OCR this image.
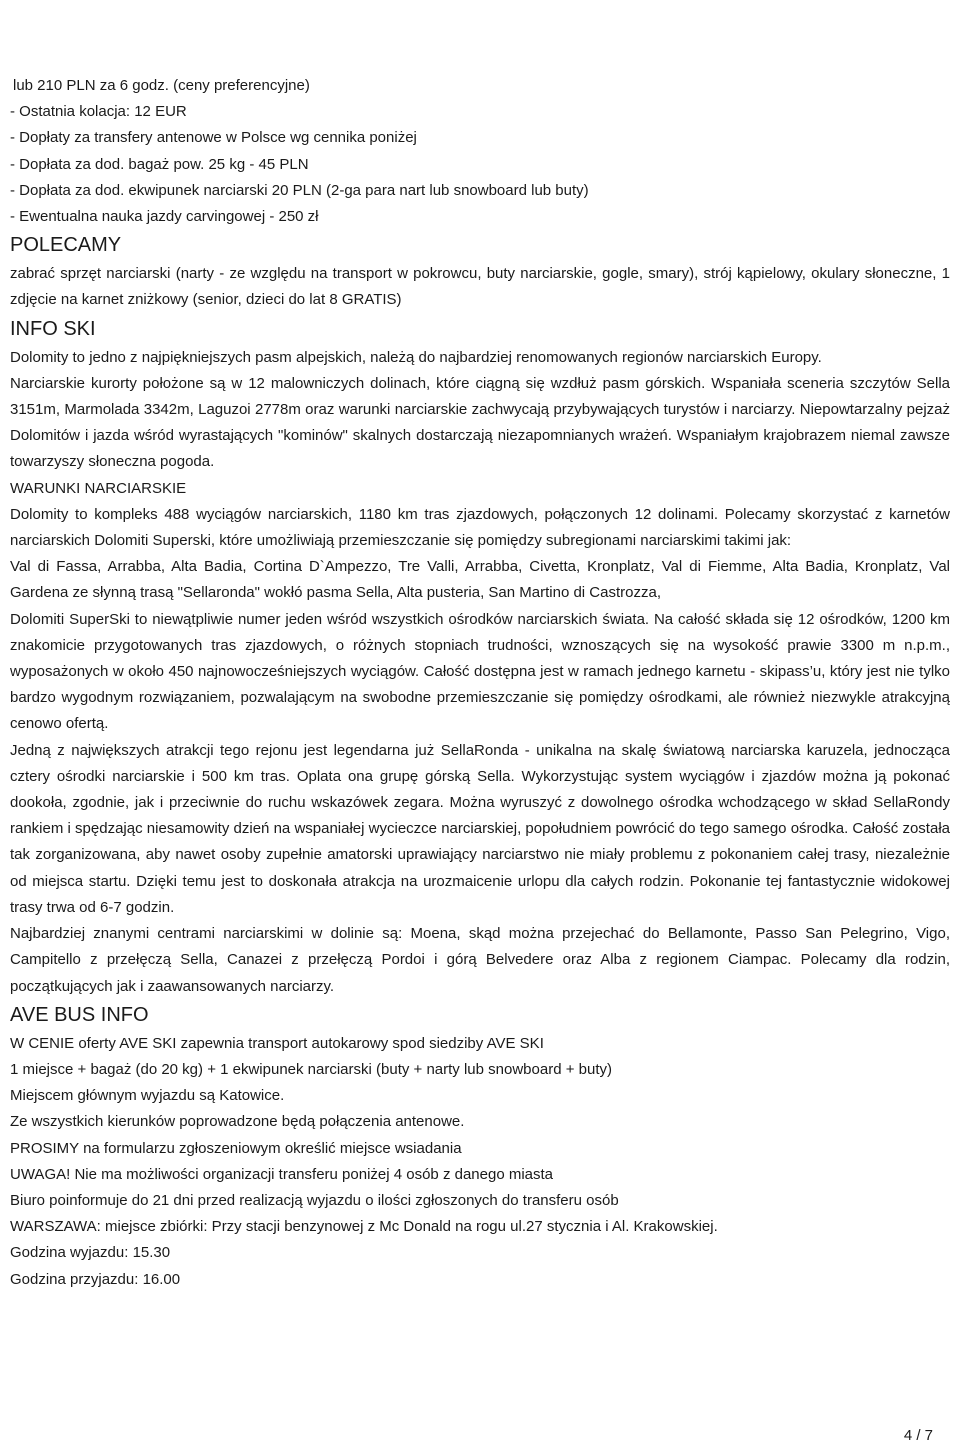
lub 210 PLN za 6 godz. (ceny preferencyjne)

- Ostatnia kolacja: 12 EUR

- Dopłaty za transfery antenowe w Polsce wg cennika poniżej

- Dopłata za dod. bagaż pow. 25 kg - 45 PLN

- Dopłata za dod. ekwipunek narciarski 20 PLN (2-ga para nart lub snowboard lub buty)

- Ewentualna nauka jazdy carvingowej - 250 zł

POLECAMY

zabrać sprzęt narciarski (narty - ze względu na transport w pokrowcu, buty narciarskie, gogle, smary), strój kąpielowy, okulary słoneczne, 1 zdjęcie na karnet zniżkowy (senior, dzieci do lat 8 GRATIS)

INFO SKI

Dolomity to jedno z najpiękniejszych pasm alpejskich, należą do najbardziej renomowanych regionów narciarskich Europy.

Narciarskie kurorty położone są w 12 malowniczych dolinach, które ciągną się wzdłuż pasm górskich. Wspaniała sceneria szczytów Sella 3151m, Marmolada 3342m, Laguzoi 2778m oraz warunki narciarskie zachwycają przybywających turystów i narciarzy. Niepowtarzalny pejzaż Dolomitów i jazda wśród wyrastających "kominów" skalnych dostarczają niezapomnianych wrażeń. Wspaniałym krajobrazem niemal zawsze towarzyszy słoneczna pogoda.

WARUNKI NARCIARSKIE

Dolomity to kompleks 488 wyciągów narciarskich, 1180 km tras zjazdowych, połączonych 12 dolinami. Polecamy skorzystać z karnetów narciarskich Dolomiti Superski, które umożliwiają przemieszczanie się pomiędzy subregionami narciarskimi takimi jak:

Val di Fassa, Arrabba, Alta Badia, Cortina D`Ampezzo, Tre Valli, Arrabba, Civetta, Kronplatz, Val di Fiemme, Alta Badia, Kronplatz, Val Gardena ze słynną trasą "Sellaronda" wokłó pasma Sella, Alta pusteria, San Martino di Castrozza,

Dolomiti SuperSki to niewątpliwie numer jeden wśród wszystkich ośrodków narciarskich świata. Na całość składa się 12 ośrodków, 1200 km znakomicie przygotowanych tras zjazdowych, o różnych stopniach trudności, wznoszących się na wysokość prawie 3300 m n.p.m., wyposażonych w około 450 najnowocześniejszych wyciągów. Całość dostępna jest w ramach jednego karnetu - skipass’u, który jest nie tylko bardzo wygodnym rozwiązaniem, pozwalającym na swobodne przemieszczanie się pomiędzy ośrodkami, ale również niezwykle atrakcyjną cenowo ofertą.

Jedną z największych atrakcji tego rejonu jest legendarna już SellaRonda - unikalna na skalę światową narciarska karuzela, jednocząca cztery ośrodki narciarskie i 500 km tras. Oplata ona grupę górską Sella. Wykorzystując system wyciągów i zjazdów można ją pokonać dookoła, zgodnie, jak i przeciwnie do ruchu wskazówek zegara. Można wyruszyć z dowolnego ośrodka wchodzącego w skład SellaRondy rankiem i spędzając niesamowity dzień na wspaniałej wycieczce narciarskiej, popołudniem powrócić do tego samego ośrodka. Całość została tak zorganizowana, aby nawet osoby zupełnie amatorski uprawiający narciarstwo nie miały problemu z pokonaniem całej trasy, niezależnie od miejsca startu. Dzięki temu jest to doskonała atrakcja na urozmaicenie urlopu dla całych rodzin. Pokonanie tej fantastycznie widokowej trasy trwa od 6-7 godzin.

Najbardziej znanymi centrami narciarskimi w dolinie są: Moena, skąd można przejechać do Bellamonte, Passo San Pelegrino, Vigo, Campitello z przełęczą Sella, Canazei z przełęczą Pordoi i górą Belvedere oraz Alba z regionem Ciampac. Polecamy dla rodzin, początkujących jak i zaawansowanych narciarzy.

AVE BUS INFO

W CENIE oferty AVE SKI zapewnia transport autokarowy spod siedziby AVE SKI

1 miejsce + bagaż (do 20 kg) + 1 ekwipunek narciarski (buty + narty lub snowboard + buty)

Miejscem głównym wyjazdu są Katowice.

Ze wszystkich kierunków poprowadzone będą połączenia antenowe.

PROSIMY na formularzu zgłoszeniowym określić miejsce wsiadania

UWAGA! Nie ma możliwości organizacji transferu poniżej 4 osób z danego miasta

Biuro poinformuje do 21 dni przed realizacją wyjazdu o ilości zgłoszonych do transferu osób

WARSZAWA: miejsce zbiórki: Przy stacji benzynowej z Mc Donald na rogu ul.27 stycznia i Al. Krakowskiej.

Godzina wyjazdu: 15.30

Godzina przyjazdu: 16.00

4 / 7
